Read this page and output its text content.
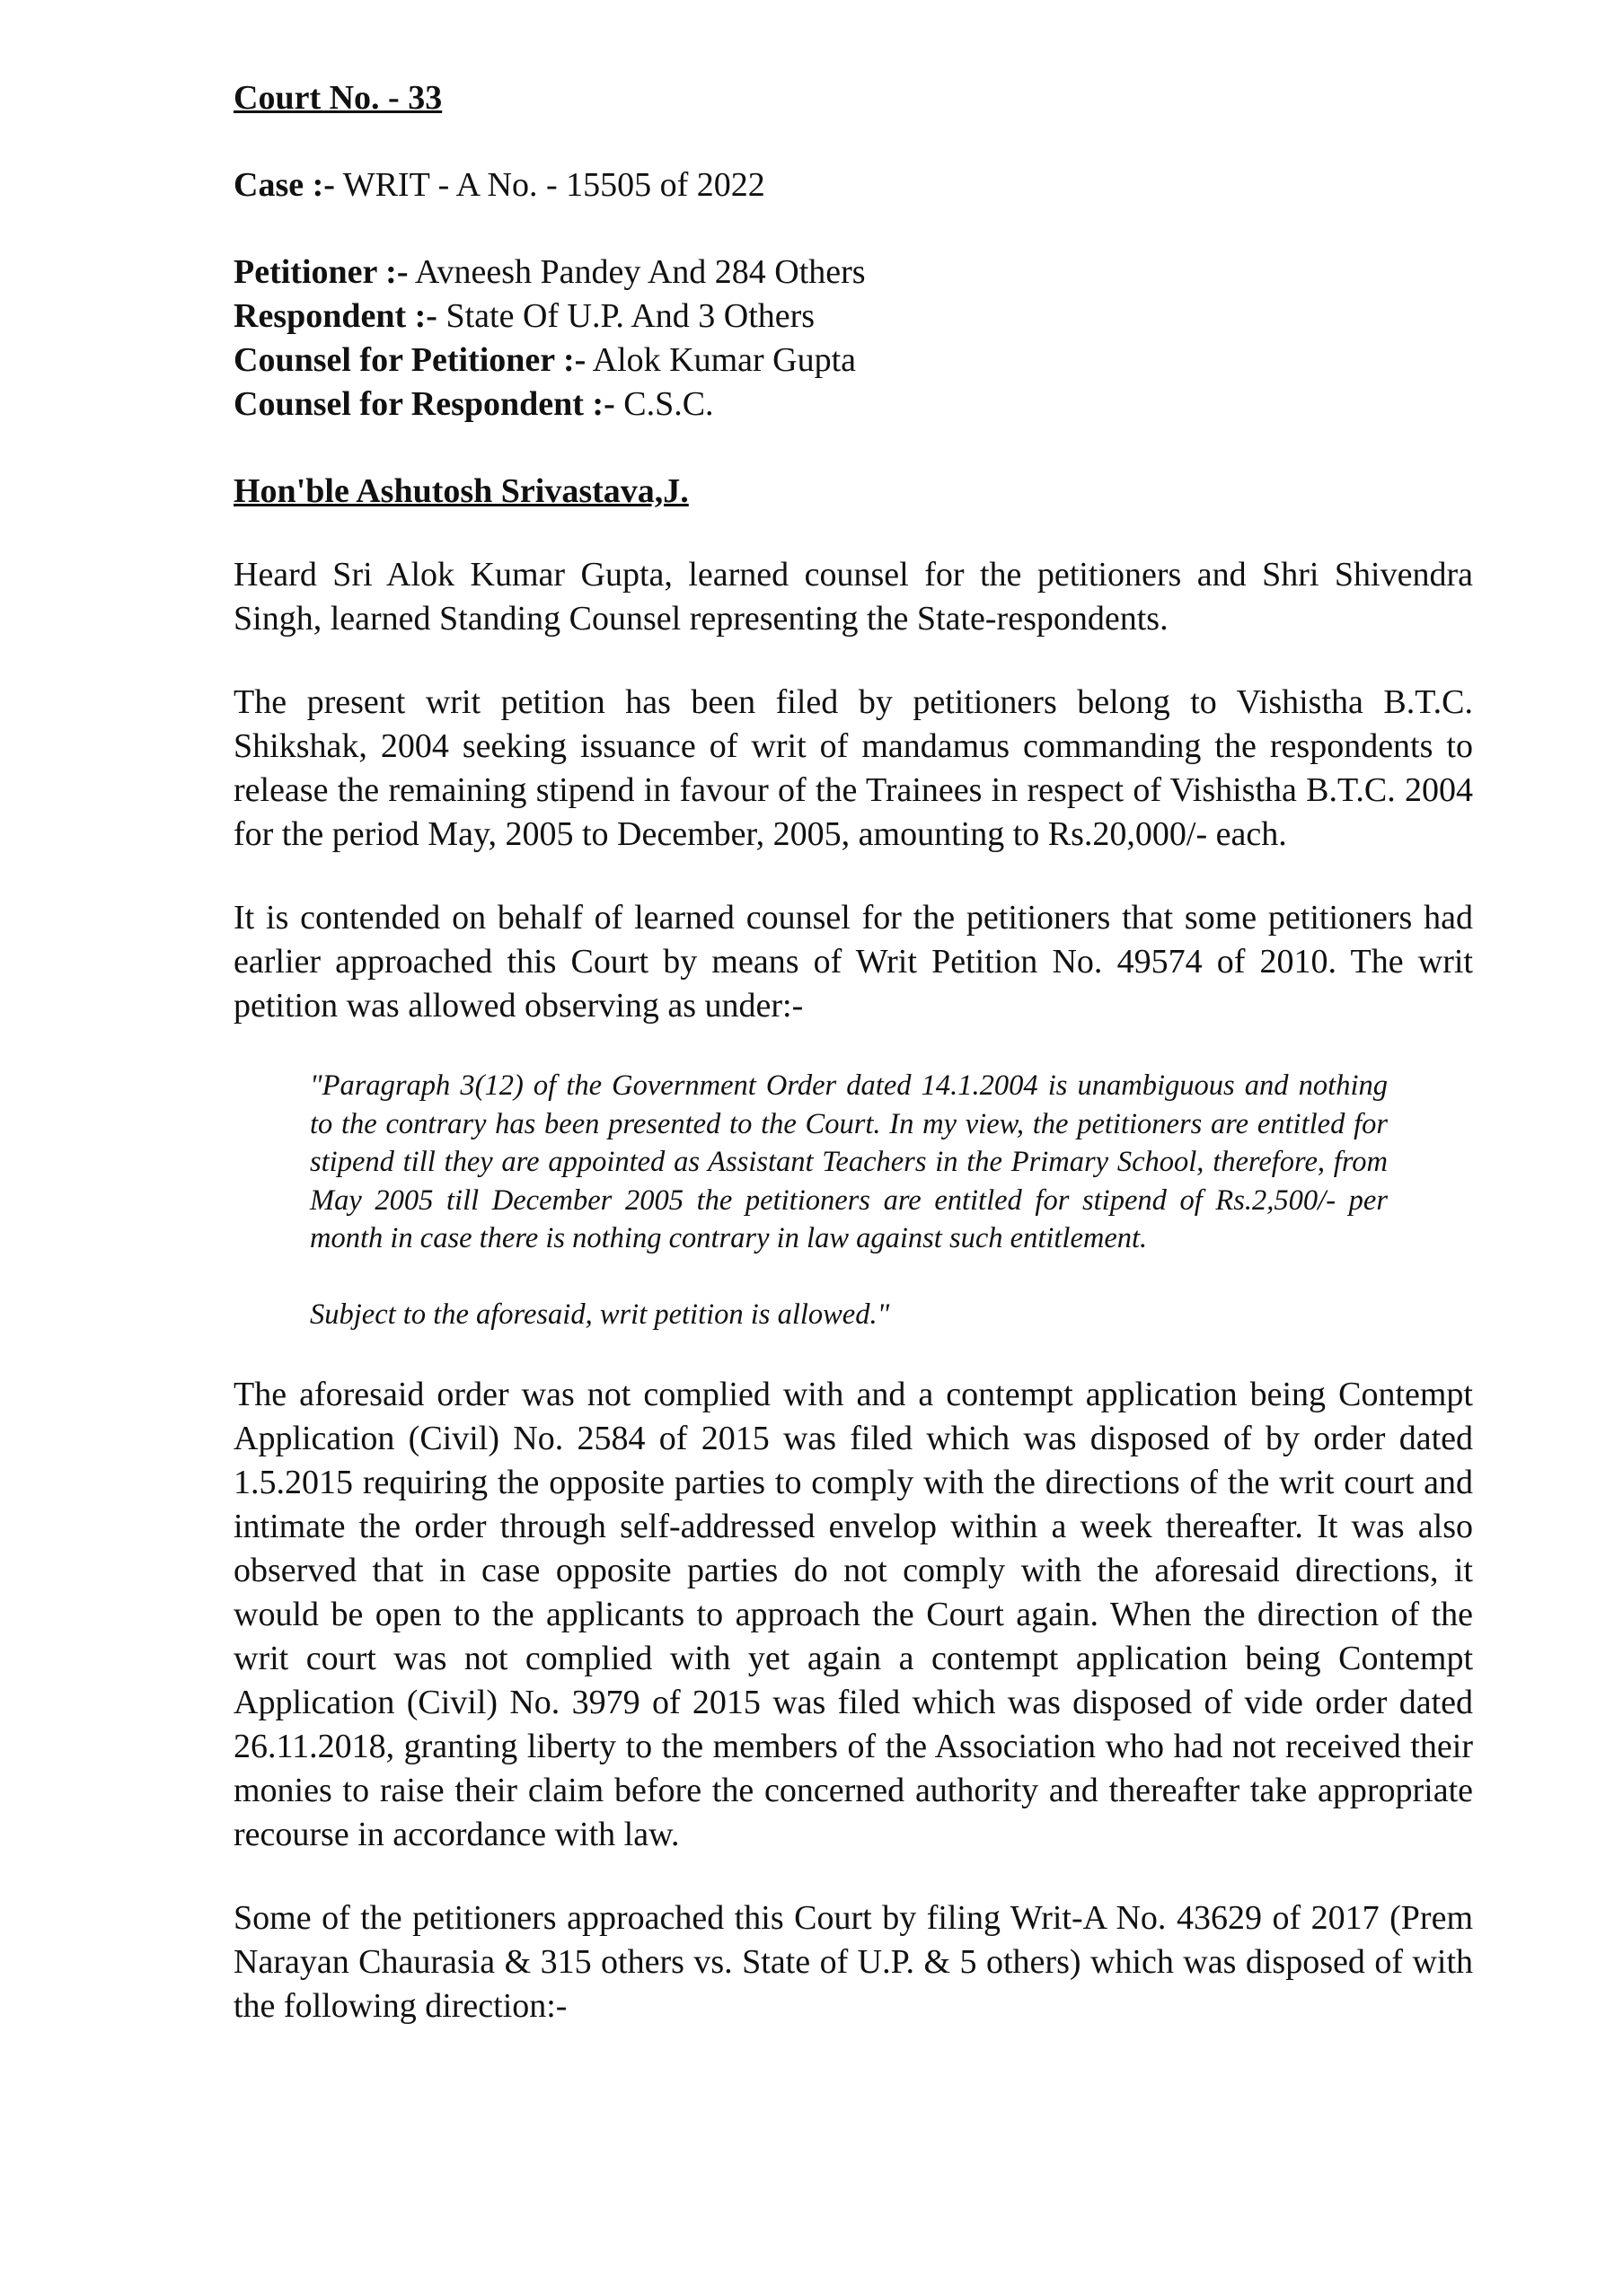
Court No. - 33

Case :- WRIT - A No. - 15505 of 2022

Petitioner :- Avneesh Pandey And 284 Others

Respondent :- State Of U.P. And 3 Others

Counsel for Petitioner :- Alok Kumar Gupta

Counsel for Respondent :- C.S.C.

Hon'ble Ashutosh Srivastava,J.

Heard Sri Alok Kumar Gupta, learned counsel for the petitioners and Shri Shivendra Singh, learned Standing Counsel representing the State-respondents.

The present writ petition has been filed by petitioners belong to Vishistha B.T.C. Shikshak, 2004 seeking issuance of writ of mandamus commanding the respondents to release the remaining stipend in favour of the Trainees in respect of Vishistha B.T.C. 2004 for the period May, 2005 to December, 2005, amounting to Rs.20,000/- each.

It is contended on behalf of learned counsel for the petitioners that some petitioners had earlier approached this Court by means of Writ Petition No. 49574 of 2010. The writ petition was allowed observing as under:-

"Paragraph 3(12) of the Government Order dated 14.1.2004 is unambiguous and nothing to the contrary has been presented to the Court. In my view, the petitioners are entitled for stipend till they are appointed as Assistant Teachers in the Primary School, therefore, from May 2005 till December 2005 the petitioners are entitled for stipend of Rs.2,500/- per month in case there is nothing contrary in law against such entitlement.

Subject to the aforesaid, writ petition is allowed."

The aforesaid order was not complied with and a contempt application being Contempt Application (Civil) No. 2584 of 2015 was filed which was disposed of by order dated 1.5.2015 requiring the opposite parties to comply with the directions of the writ court and intimate the order through self-addressed envelop within a week thereafter. It was also observed that in case opposite parties do not comply with the aforesaid directions, it would be open to the applicants to approach the Court again. When the direction of the writ court was not complied with yet again a contempt application being Contempt Application (Civil) No. 3979 of 2015 was filed which was disposed of vide order dated 26.11.2018, granting liberty to the members of the Association who had not received their monies to raise their claim before the concerned authority and thereafter take appropriate recourse in accordance with law.

Some of the petitioners approached this Court by filing Writ-A No. 43629 of 2017 (Prem Narayan Chaurasia & 315 others vs. State of U.P. & 5 others) which was disposed of with the following direction:-
